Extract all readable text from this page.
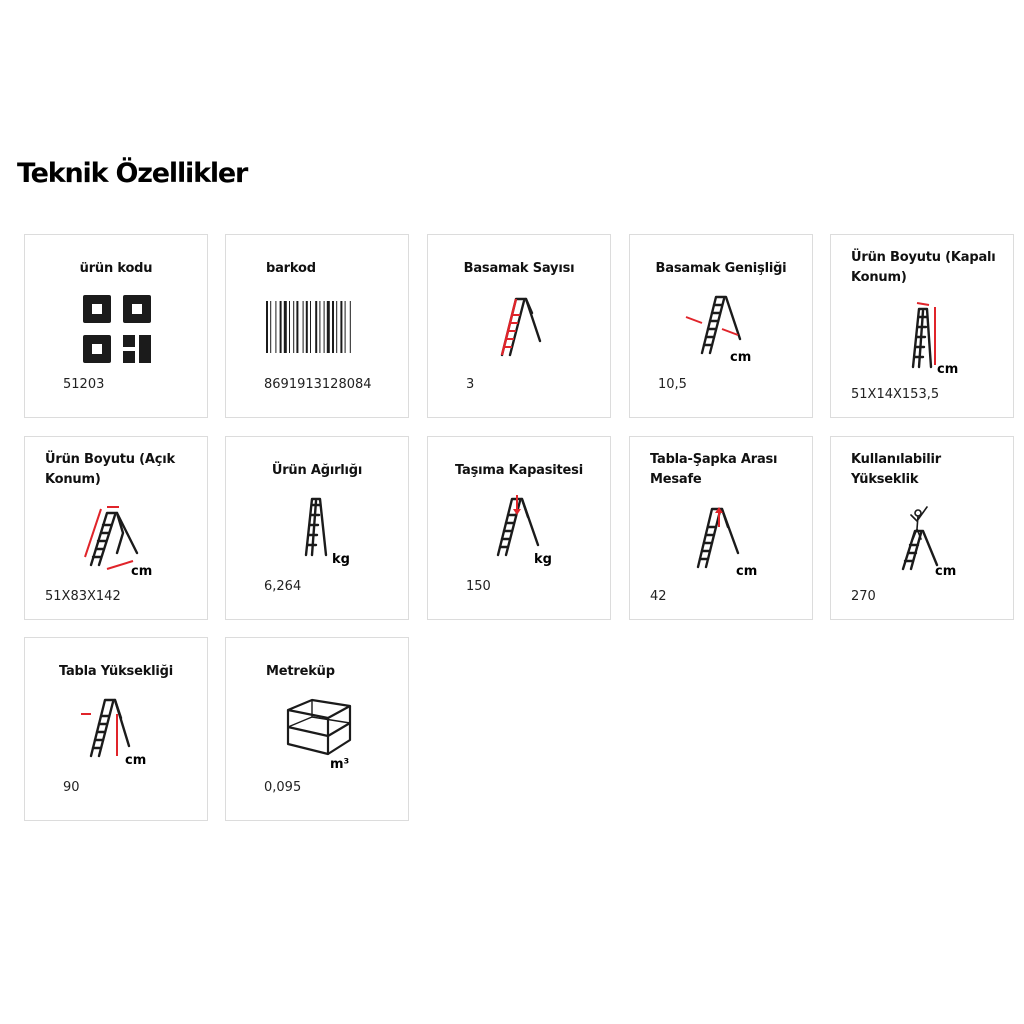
Teknik Özellikler
ürün kodu
51203
barkod
8691913128084
Basamak Sayısı
3
Basamak Genişliği
cm
10,5
Ürün Boyutu (Kapalı Konum)
cm
51X14X153,5
Ürün Boyutu (Açık Konum)
cm
51X83X142
Ürün Ağırlığı
kg
6,264
Taşıma Kapasitesi
kg
150
Tabla-Şapka Arası Mesafe
cm
42
Kullanılabilir Yükseklik
cm
270
Tabla Yüksekliği
cm
90
Metreküp
m³
0,095
